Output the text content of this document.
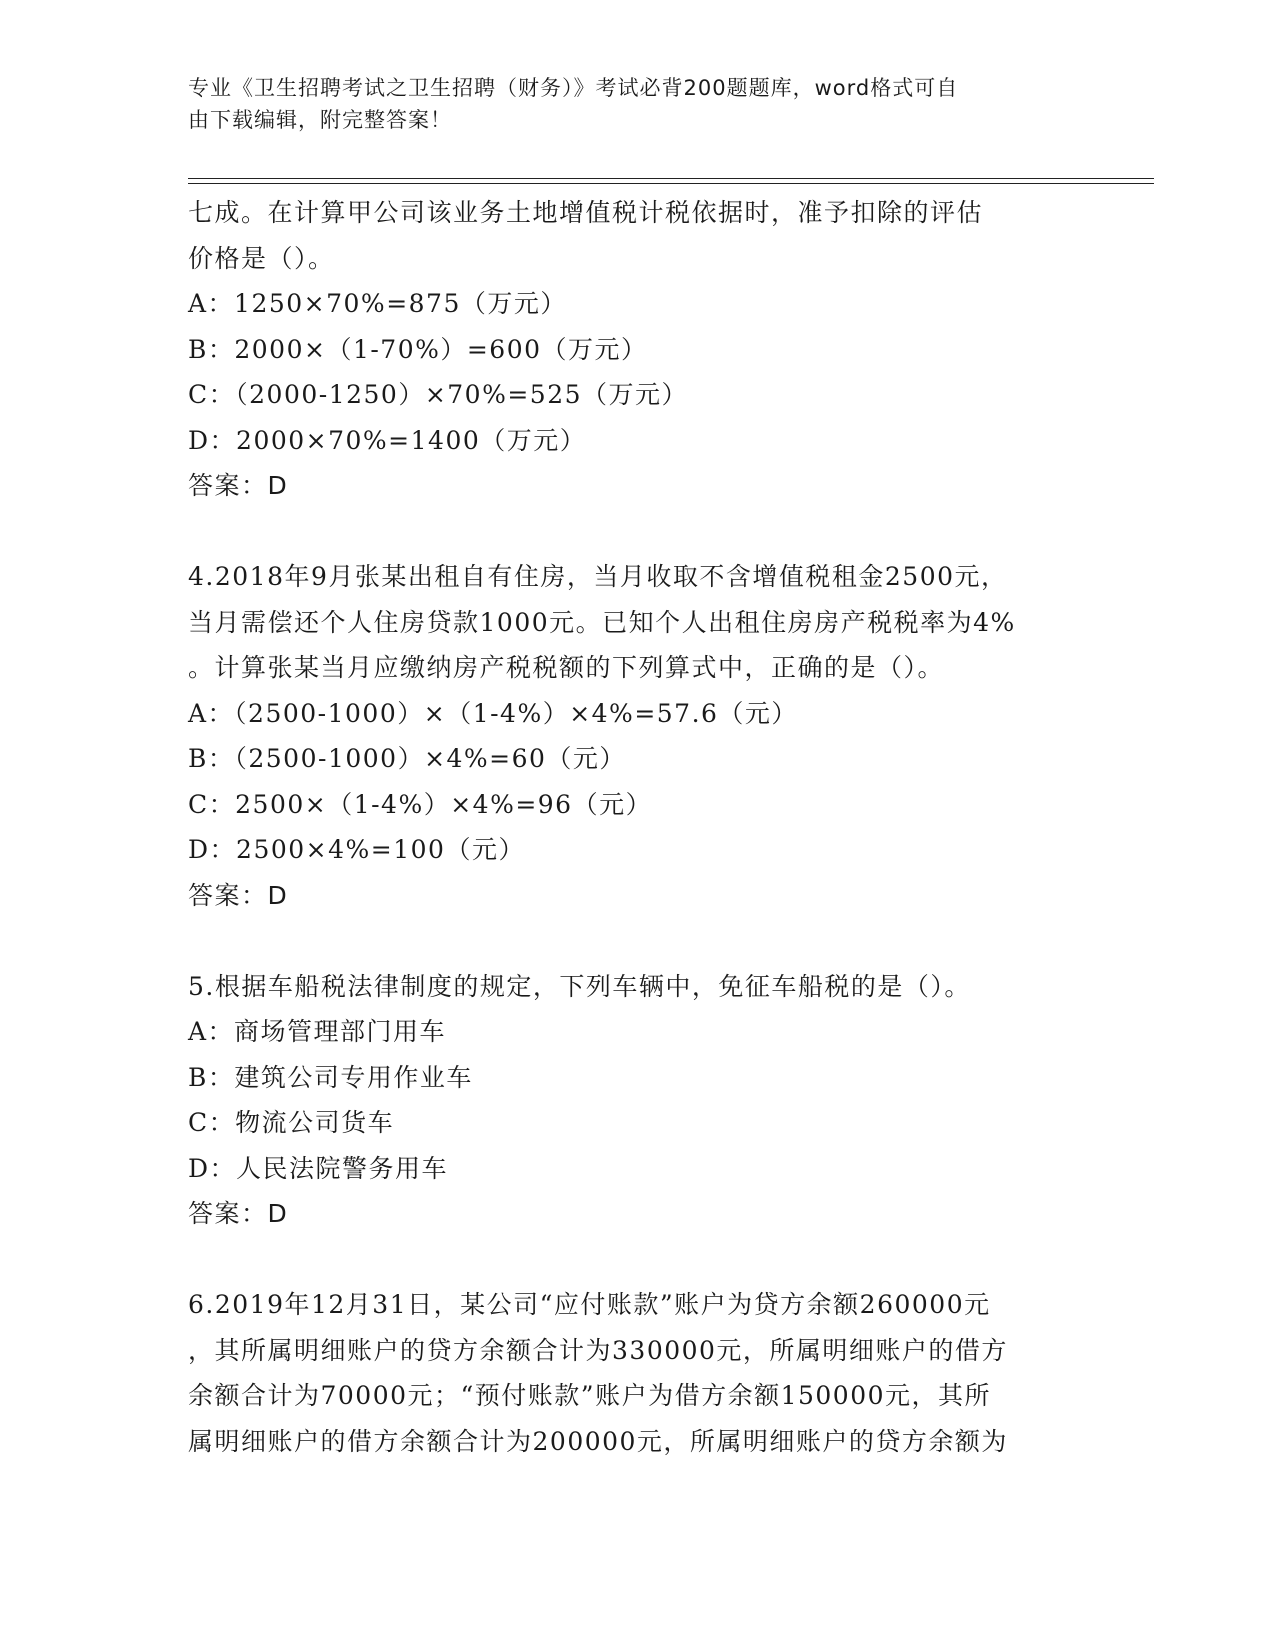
专业《卫生招聘考试之卫生招聘（财务）》考试必背200题题库，word格式可自
由下载编辑，附完整答案！
七成。在计算甲公司该业务土地增值税计税依据时，准予扣除的评估
价格是（）。
A：1250×70%=875（万元）
B：2000×（1-70%）=600（万元）
C：（2000-1250）×70%=525（万元）
D：2000×70%=1400（万元）
答案：D
4.2018年9月张某出租自有住房，当月收取不含增值税租金2500元，
当月需偿还个人住房贷款1000元。已知个人出租住房房产税税率为4%
。计算张某当月应缴纳房产税税额的下列算式中，正确的是（）。
A：（2500-1000）×（1-4%）×4%=57.6（元）
B：（2500-1000）×4%=60（元）
C：2500×（1-4%）×4%=96（元）
D：2500×4%=100（元）
答案：D
5.根据车船税法律制度的规定，下列车辆中，免征车船税的是（）。
A：商场管理部门用车
B：建筑公司专用作业车
C：物流公司货车
D：人民法院警务用车
答案：D
6.2019年12月31日，某公司“应付账款”账户为贷方余额260000元
，其所属明细账户的贷方余额合计为330000元，所属明细账户的借方
余额合计为70000元；“预付账款”账户为借方余额150000元，其所
属明细账户的借方余额合计为200000元，所属明细账户的贷方余额为
